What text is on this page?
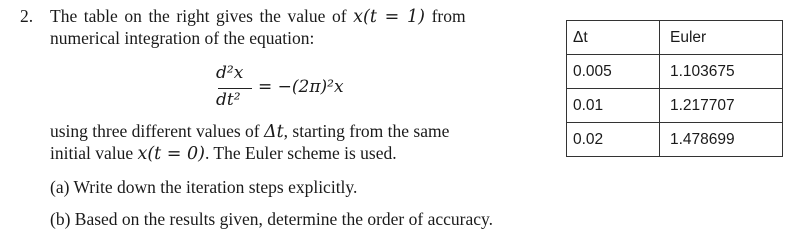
2. The table on the right gives the value of x(t = 1) from
numerical integration of the equation:
d²x
dt²
= −(2π)²x
using three different values of Δt, starting from the same
initial value x(t = 0). The Euler scheme is used.
(a) Write down the iteration steps explicitly.
(b) Based on the results given, determine the order of accuracy.
Δt	Euler
0.005	1.103675
0.01	1.217707
0.02	1.478699
